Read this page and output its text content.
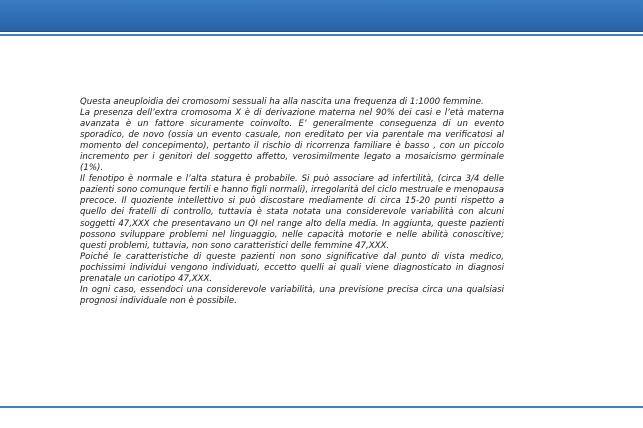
Questa aneuploidia dei cromosomi sessuali ha alla nascita una frequenza di 1:1000 femmine.

La presenza dell’extra cromosoma X è di derivazione materna nel 90% dei casi e l’età materna avanzata è un fattore sicuramente coinvolto. E’ generalmente conseguenza di un evento sporadico, de novo (ossia un evento casuale, non ereditato per via parentale ma verificatosi al momento del concepimento), pertanto il rischio di ricorrenza familiare è basso , con un piccolo incremento per i genitori del soggetto affetto, verosimilmente legato a mosaicismo germinale (1%).

Il fenotipo è normale e l’alta statura è probabile. Si può associare ad infertilità, (circa 3/4 delle pazienti sono comunque fertili e hanno figli normali), irregolarità del ciclo mestruale e menopausa precoce. Il quoziente intellettivo si può discostare mediamente di circa 15-20 punti rispetto a quello dei fratelli di controllo, tuttavia è stata notata una considerevole variabilità con alcuni soggetti 47,XXX che presentavano un QI nel range alto della media. In aggiunta, queste pazienti possono sviluppare problemi nel linguaggio, nelle capacità motorie e nelle abilità conoscitive; questi problemi, tuttavia, non sono caratteristici delle femmine 47,XXX.

Poiché le caratteristiche di queste pazienti non sono significative dal punto di vista medico, pochissimi individui vengono individuati, eccetto quelli ai quali viene diagnosticato in diagnosi prenatale un cariotipo 47,XXX.

In ogni caso, essendoci una considerevole variabilità, una previsione precisa circa una qualsiasi prognosi individuale non è possibile.
